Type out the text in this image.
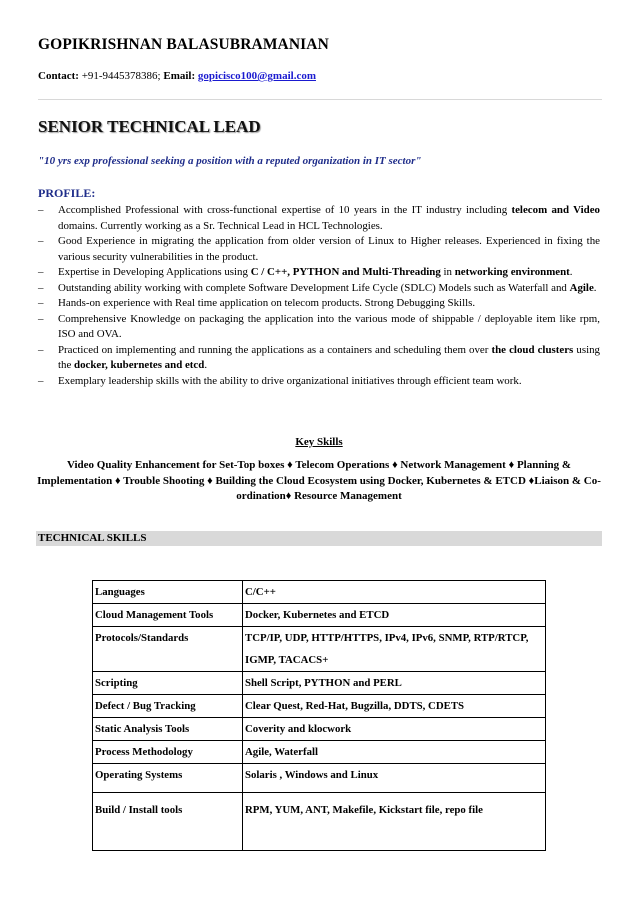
GOPIKRISHNAN BALASUBRAMANIAN
Contact: +91-9445378386; Email: gopicisco100@gmail.com
SENIOR TECHNICAL LEAD
"10 yrs exp professional seeking a position with a reputed organization in IT sector"
PROFILE:
– Accomplished Professional with cross-functional expertise of 10 years in the IT industry including telecom and Video domains. Currently working as a Sr. Technical Lead in HCL Technologies.
– Good Experience in migrating the application from older version of Linux to Higher releases. Experienced in fixing the various security vulnerabilities in the product.
– Expertise in Developing Applications using C / C++, PYTHON and Multi-Threading in networking environment.
– Outstanding ability working with complete Software Development Life Cycle (SDLC) Models such as Waterfall and Agile.
– Hands-on experience with Real time application on telecom products. Strong Debugging Skills.
– Comprehensive Knowledge on packaging the application into the various mode of shippable / deployable item like rpm, ISO and OVA.
– Practiced on implementing and running the applications as a containers and scheduling them over the cloud clusters using the docker, kubernetes and etcd.
– Exemplary leadership skills with the ability to drive organizational initiatives through efficient team work.
Key Skills
Video Quality Enhancement for Set-Top boxes ♦ Telecom Operations ♦ Network Management ♦ Planning & Implementation ♦ Trouble Shooting ♦ Building the Cloud Ecosystem using Docker, Kubernetes & ETCD ♦Liaison & Co-ordination♦ Resource Management
TECHNICAL SKILLS
Languages	C/C++
Cloud Management Tools	Docker, Kubernetes and ETCD
Protocols/Standards	TCP/IP, UDP, HTTP/HTTPS, IPv4, IPv6, SNMP, RTP/RTCP, IGMP, TACACS+
Scripting	Shell Script, PYTHON and PERL
Defect / Bug Tracking	Clear Quest, Red-Hat, Bugzilla, DDTS, CDETS
Static Analysis Tools	Coverity and klocwork
Process Methodology	Agile, Waterfall
Operating Systems	Solaris , Windows and Linux
Build / Install tools	RPM, YUM, ANT, Makefile, Kickstart file, repo file
